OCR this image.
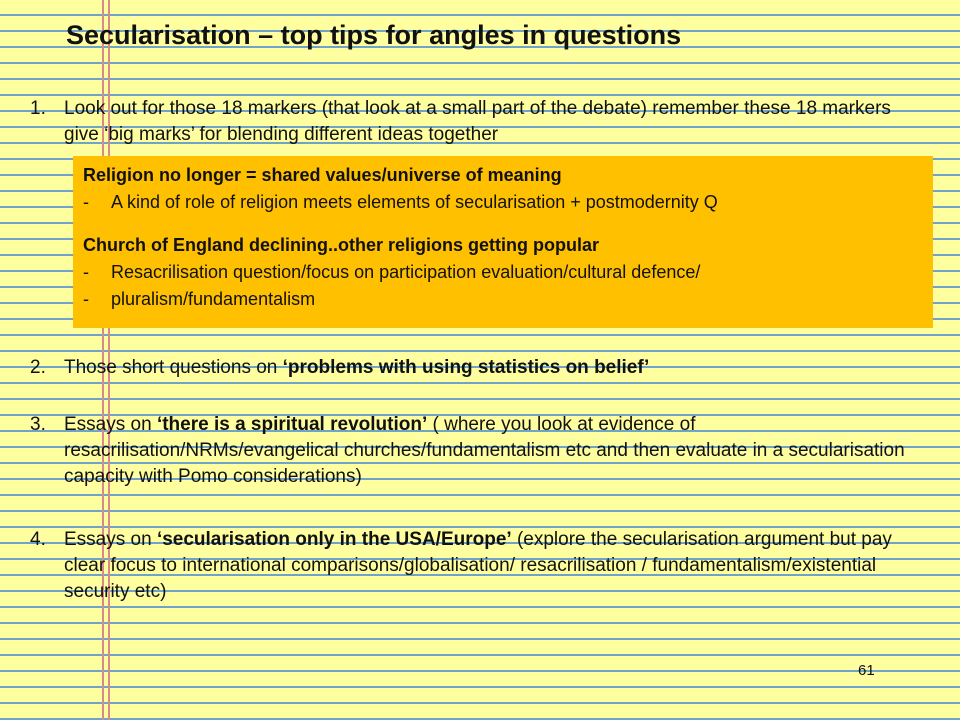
Secularisation – top tips for angles in questions
1. Look out for those 18 markers (that look at a small part of the debate) remember these 18 markers give ‘big marks’ for blending different ideas together
Religion no longer = shared values/universe of meaning
-	A kind of role of religion meets elements of secularisation + postmodernity Q
Church of England declining..other religions getting popular
-	Resacrilisation question/focus on participation evaluation/cultural defence/
-	pluralism/fundamentalism
2. Those short questions on ‘problems with using statistics on belief’
3. Essays on ‘there is a spiritual revolution’ ( where you look at evidence of resacrilisation/NRMs/evangelical churches/fundamentalism etc and then evaluate in a secularisation capacity with Pomo considerations)
4. Essays on ‘secularisation only in the USA/Europe’ (explore the secularisation argument but pay clear focus to international comparisons/globalisation/ resacrilisation / fundamentalism/existential security etc)
61
